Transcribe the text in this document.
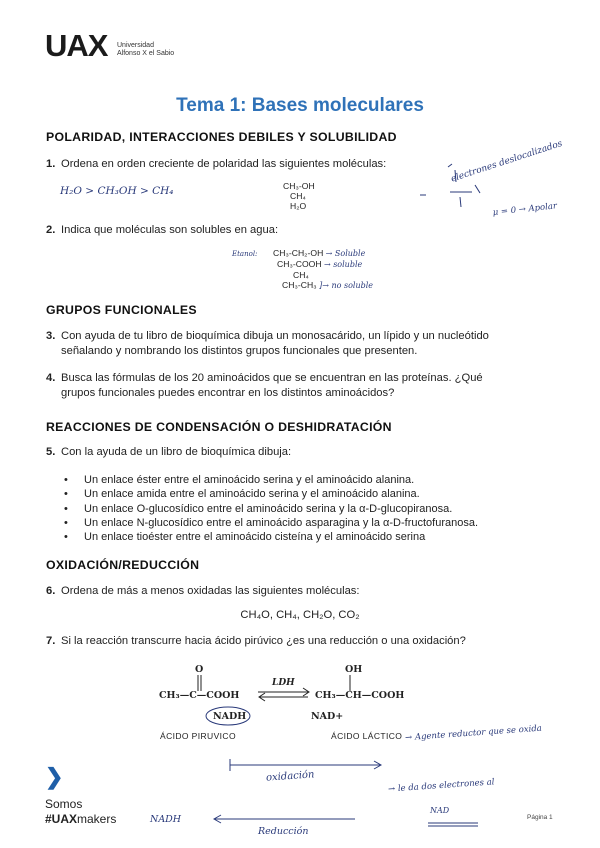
UAX Universidad
Alfonso X el Sabio
Tema 1: Bases moleculares
POLARIDAD, INTERACCIONES DEBILES Y SOLUBILIDAD
1. Ordena en orden creciente de polaridad las siguientes moléculas:
H₂O > CH₃OH > CH₄	CH₃-OH
CH₄
H₂O
electrones deslocalizados
μ = 0 → Apolar
2. Indica que moléculas son solubles en agua:
Etanol: CH₃-CH₂-OH → Soluble
CH₃-COOH → soluble
CH₄
CH₃-CH₃ ]→ no soluble
GRUPOS FUNCIONALES
3. Con ayuda de tu libro de bioquímica dibuja un monosacárido, un lípido y un nucleótido señalando y nombrando los distintos grupos funcionales que presenten.
4. Busca las fórmulas de los 20 aminoácidos que se encuentran en las proteínas. ¿Qué grupos funcionales puedes encontrar en los distintos aminoácidos?
REACCIONES DE CONDENSACIÓN O DESHIDRATACIÓN
5. Con la ayuda de un libro de bioquímica dibuja:
• Un enlace éster entre el aminoácido serina y el aminoácido alanina.
• Un enlace amida entre el aminoácido serina y el aminoácido alanina.
• Un enlace O-glucosídico entre el aminoácido serina y la α-D-glucopiranosa.
• Un enlace N-glucosídico entre el aminoácido asparagina y la α-D-fructofuranosa.
• Un enlace tioéster entre el aminoácido cisteína y el aminoácido serina
OXIDACIÓN/REDUCCIÓN
6. Ordena de más a menos oxidadas las siguientes moléculas:
CH₄O, CH₄, CH₂O, CO₂
7. Si la reacción transcurre hacia ácido pirúvico ¿es una reducción o una oxidación?
O	OH
LDH
CH₃—C—COOH	CH₃—CH—COOH
NADH	NAD+
ÁCIDO PIRUVICO	ÁCIDO LÁCTICO → Agente reductor que se oxida
oxidación
→ le da dos electrones al
NAD
NADH
Reducción
❯
Somos
#UAXmakers	Página 1
